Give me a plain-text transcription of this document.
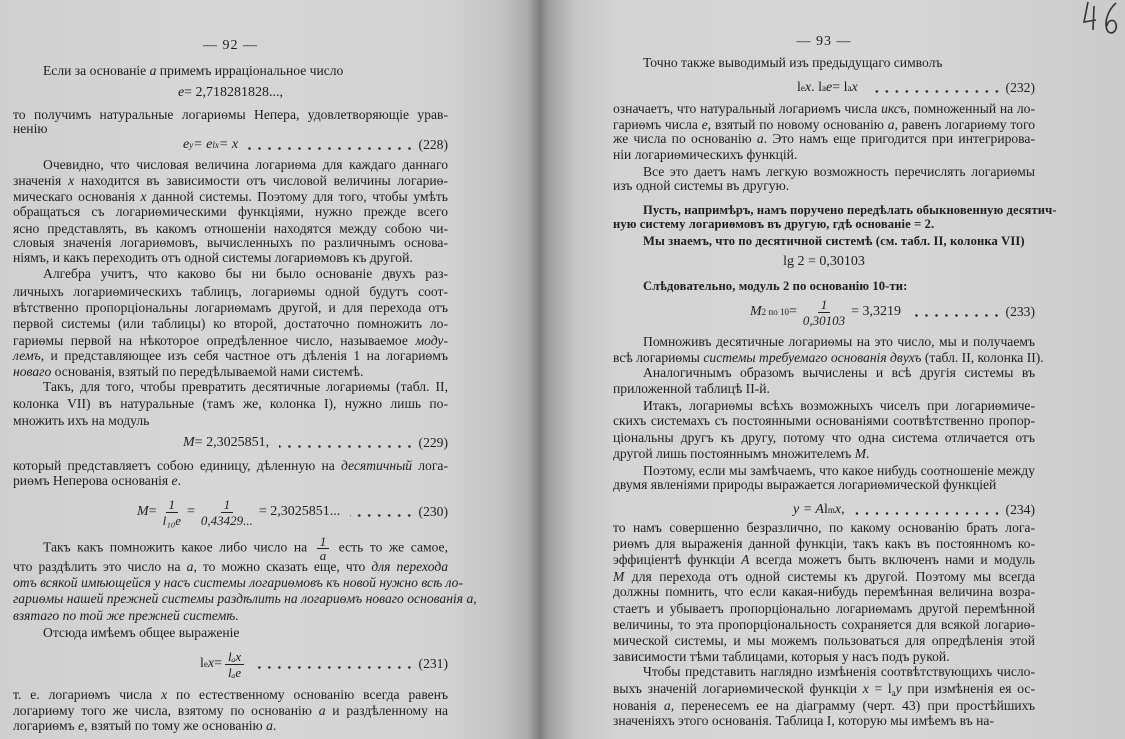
— 92 —
Если за основаніе a примемъ ирраціональное число
e = 2,718281828...,
то получимъ натуральные логариѳмы Непера, удовлетворяющіе урав-
ненію
e y = e lx = x	(228)
Очевидно, что числовая величина логариѳма для каждаго даннаго
значенія x находится въ зависимости отъ числовой величины логариѳ-
мическаго основанія x данной системы. Поэтому для того, чтобы умѣть
обращаться съ логариѳмическими функціями, нужно прежде всего
ясно представлять, въ какомъ отношеніи находятся между собою чи-
словыя значенія логариѳмовъ, вычисленныхъ по различнымъ основа-
ніямъ, и какъ переходить отъ одной системы логариѳмовъ къ другой.
Алгебра учитъ, что каково бы ни было основаніе двухъ раз-
личныхъ логариѳмическихъ таблицъ, логариѳмы одной будутъ соот-
вѣтственно пропорціональны логариѳмамъ другой, и для перехода отъ
первой системы (или таблицы) ко второй, достаточно помножить ло-
гариѳмы первой на нѣкоторое опредѣленное число, называемое моду-
лемъ, и представляющее изъ себя частное отъ дѣленія 1 на логариѳмъ
новаго основанія, взятый по передѣлываемой нами системѣ.
Такъ, для того, чтобы превратить десятичные логариѳмы (табл. II,
колонка VII) въ натуральные (тамъ же, колонка I), нужно лишь по-
множить ихъ на модуль
M = 2,3025851,	(229)
который представляетъ собою единицу, дѣленную на десятичный лога-
риѳмъ Неперова основанія e.
$M = \frac{1}{\text{l₁₀e}} = \frac{1}{0,43429...} = 2,3025851$...	(230)
Такъ какъ помножить какое либо число на $\frac{1}{a}$ есть то же самое,
что раздѣлить это число на a, то можно сказать еще, что для перехода
отъ всякой имѣющейся у насъ системы логариѳмовъ къ новой нужно всѣ ло-
гариѳмы нашей прежней системы раздѣлить на логариѳмъ новаго основанія a,
взятаго по той же прежней системѣ.
Отсюда имѣемъ общее выраженіе
l e $x = \frac{\text{lₐx}}{\text{lₐe}}$	(231)
т. е. логариѳмъ числа x по естественному основанію всегда равенъ
логариѳму того же числа, взятому по основанію a и раздѣленному на
логариѳмъ e, взятый по тому же основанію a.
— 93 —
Точно также выводимый изъ предыдущаго символъ
l e x . l a e = l a x	(232)
означаетъ, что натуральный логариѳмъ числа иксъ, помноженный на ло-
гариѳмъ числа e, взятый по новому основанію a, равенъ логариѳму того
же числа по основанію a. Это намъ еще пригодится при интегрирова-
ніи логариѳмическихъ функцій.
Все это даетъ намъ легкую возможность перечислять логариѳмы
изъ одной системы въ другую.
Пусть, напримѣръ, намъ поручено передѣлать обыкновенную десятич-
ную систему логариѳмовъ въ другую, гдѣ основаніе = 2.
Мы знаемъ, что по десятичной системѣ (см. табл. II, колонка VII)
lg 2 = 0,30103
Слѣдовательно, модуль 2 по основанію 10-ти:
M 2 по $10 = \frac{1}{0,30103} = 3,3219$	(233)
Помноживъ десятичные логариѳмы на это число, мы и получаемъ
всѣ логариѳмы системы требуемаго основанія двухъ (табл. II, колонка II).
Аналогичнымъ образомъ вычислены и всѣ другія системы въ
приложенной таблицѣ II-й.
Итакъ, логариѳмы всѣхъ возможныхъ чиселъ при логариѳмиче-
скихъ системахъ съ постоянными основаніями соотвѣтственно пропор-
ціональны другъ къ другу, потому что одна система отличается отъ
другой лишь постояннымъ множителемъ M.
Поэтому, если мы замѣчаемъ, что какое нибудь соотношеніе между
двумя явленіями природы выражается логариѳмической функціей
y = A l m x ,	(234)
то намъ совершенно безразлично, по какому основанію брать лога-
риѳмъ для выраженія данной функціи, такъ какъ въ постоянномъ ко-
эффиціентѣ функціи A всегда можетъ быть включенъ нами и модуль
M для перехода отъ одной системы къ другой. Поэтому мы всегда
должны помнить, что если какая-нибудь перемѣнная величина возра-
стаетъ и убываетъ пропорціонально логариѳмамъ другой перемѣнной
величины, то эта пропорціональность сохраняется для всякой логариѳ-
мической системы, и мы можемъ пользоваться для опредѣленія этой
зависимости тѣми таблицами, которыя у насъ подъ рукой.
Чтобы представить наглядно измѣненія соотвѣтствующихъ число-
выхъ значеній логариѳмической функціи $x = l_ay$ при измѣненія ея ос-
нованія a, перенесемъ ее на діаграмму (черт. 43) при простѣйшихъ
значеніяхъ этого основанія. Таблица I, которую мы имѣемъ въ на-
